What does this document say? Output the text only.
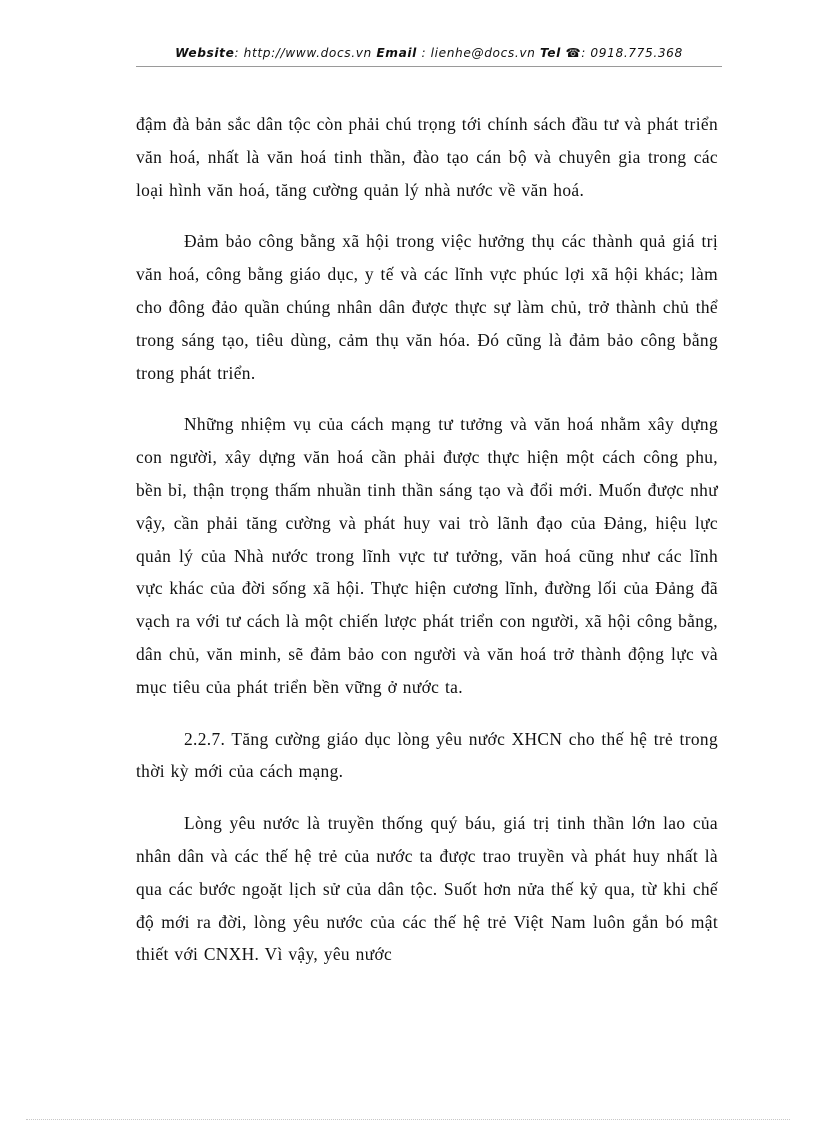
Website: http://www.docs.vn Email : lienhe@docs.vn Tel ☎: 0918.775.368

đậm đà bản sắc dân tộc còn phải chú trọng tới chính sách đầu tư và phát triển văn hoá, nhất là văn hoá tinh thần, đào tạo cán bộ và chuyên gia trong các loại hình văn hoá, tăng cường quản lý nhà nước về văn hoá.

Đảm bảo công bằng xã hội trong việc hưởng thụ các thành quả giá trị văn hoá, công bằng giáo dục, y tế và các lĩnh vực phúc lợi xã hội khác; làm cho đông đảo quần chúng nhân dân được thực sự làm chủ, trở thành chủ thể trong sáng tạo, tiêu dùng, cảm thụ văn hóa. Đó cũng là đảm bảo công bằng trong phát triển.

Những nhiệm vụ của cách mạng tư tưởng và văn hoá nhằm xây dựng con người, xây dựng văn hoá cần phải được thực hiện một cách công phu, bền bỉ, thận trọng thấm nhuần tinh thần sáng tạo và đổi mới. Muốn được như vậy, cần phải tăng cường và phát huy vai trò lãnh đạo của Đảng, hiệu lực quản lý của Nhà nước trong lĩnh vực tư tưởng, văn hoá cũng như các lĩnh vực khác của đời sống xã hội. Thực hiện cương lĩnh, đường lối của Đảng đã vạch ra với tư cách là một chiến lược phát triển con người, xã hội công bằng, dân chủ, văn minh, sẽ đảm bảo con người và văn hoá trở thành động lực và mục tiêu của phát triển bền vững ở nước ta.

2.2.7. Tăng cường giáo dục lòng yêu nước XHCN cho thế hệ trẻ trong thời kỳ mới của cách mạng.

Lòng yêu nước là truyền thống quý báu, giá trị tinh thần lớn lao của nhân dân và các thế hệ trẻ của nước ta được trao truyền và phát huy nhất là qua các bước ngoặt lịch sử của dân tộc. Suốt hơn nửa thế kỷ qua, từ khi chế độ mới ra đời, lòng yêu nước của các thế hệ trẻ Việt Nam luôn gắn bó mật thiết với CNXH. Vì vậy, yêu nước
